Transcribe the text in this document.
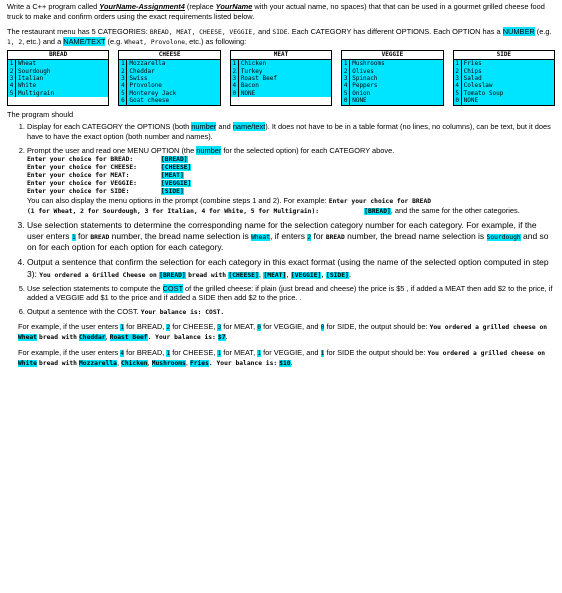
Write a C++ program called YourName-Assignment4 (replace YourName with your actual name, no spaces) that that can be used in a gourmet grilled cheese food truck to make and confirm orders using the exact requirements listed below.

The restaurant menu has 5 CATEGORIES: BREAD, MEAT, CHEESE, VEGGIE, and SIDE. Each CATEGORY has different OPTIONS. Each OPTION has a NUMBER (e.g. 1, 2, etc.) and a NAME/TEXT (e.g. Wheat, Provolone, etc.) as following:

BREAD
1 Wheat
2 Sourdough
3 Italian
4 White
5 Multigrain
CHEESE
1 Mozzarella
2 Cheddar
3 Swiss
4 Provolone
5 Monterey Jack
6 Goat cheese
MEAT
1 Chicken
2 Turkey
3 Roast Beef
4 Bacon
0 NONE
VEGGIE
1 Mushrooms
2 Olives
3 Spinach
4 Peppers
5 Onion
0 NONE
SIDE
1 Fries
2 Chips
3 Salad
4 Coleslaw
5 Tomato Soup
0 NONE

The program should

1. Display for each CATEGORY the OPTIONS (both number and name/text). It does not have to be in a table format (no lines, no columns), can be text, but it does have to have the exact option (both number and names).
2. Prompt the user and read one MENU OPTION (the number for the selected option) for each CATEGORY above.
Enter your choice for BREAD:	[BREAD]
Enter your choice for CHEESE:	[CHEESE]
Enter your choice for MEAT:	[MEAT]
Enter your choice for VEGGIE:	[VEGGIE]
Enter your choice for SIDE:	[SIDE]
You can also display the menu options in the prompt (combine steps 1 and 2). For example: Enter your choice for BREAD
(1 for Wheat, 2 for Sourdough, 3 for Italian, 4 for White, 5 for Multigrain):	[BREAD], and the same for the other categories.
3. Use selection statements to determine the corresponding name for the selection category number for each category. For example, if the user enters 1 for BREAD number, the bread name selection is Wheat, if enters 2 for BREAD number, the bread name selection is Sourdough and so on for each option for each option for each category.
4. Output a sentence that confirm the selection for each category in this exact format (using the name of the selected option computed in step 3): You ordered a Grilled Cheese on [BREAD] bread with [CHEESE], [MEAT], [VEGGIE], [SIDE].
5. Use selection statements to compute the COST of the grilled cheese: if plain (just bread and cheese) the price is $5 , if added a MEAT then add $2 to the price, if added a VEGGIE add $1 to the price and if added a SIDE then add $2 to the price. .
6. Output a sentence with the COST. Your balance is: COST.

For example, if the user enters 1 for BREAD, 2 for CHEESE, 3 for MEAT, 0 for VEGGIE, and 0 for SIDE, the output should be: You ordered a grilled cheese on Wheat bread with Cheddar, Roast Beef. Your balance is: $7.

For example, if the user enters 4 for BREAD, 1 for CHEESE, 1 for MEAT, 1 for VEGGIE, and 1 for SIDE the output should be: You ordered a grilled cheese on White bread with Mozzarella, Chicken, Mushrooms, Fries. Your balance is: $10.
